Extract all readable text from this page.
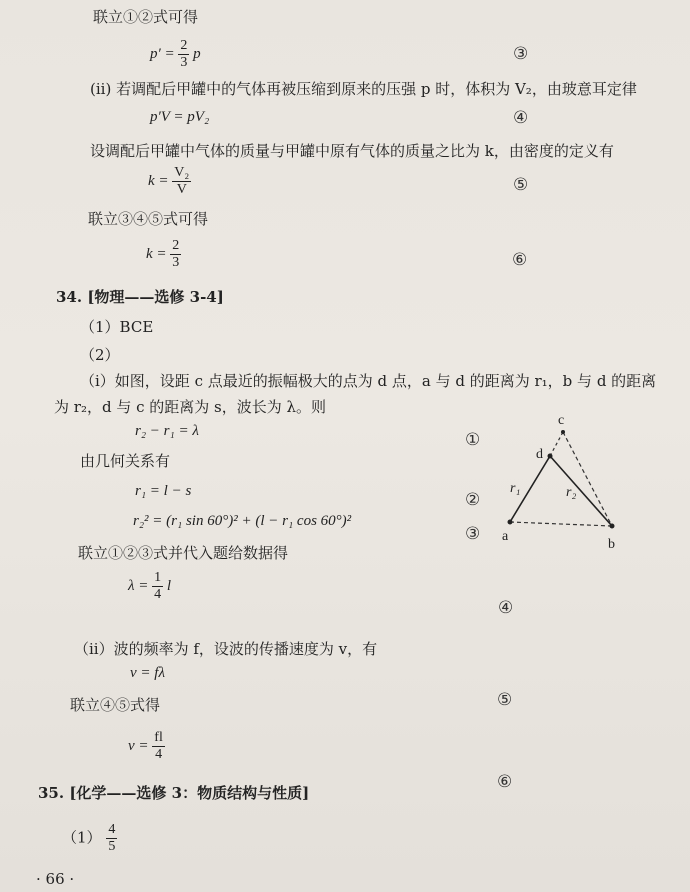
联立①②式可得
$p' = \frac{2}{3}$ p	③
(ii) 若调配后甲罐中的气体再被压缩到原来的压强 p 时，体积为 V₂，由玻意耳定律
p′V = pV₂	④
设调配后甲罐中气体的质量与甲罐中原有气体的质量之比为 k，由密度的定义有
$k = \frac{\text{V₂}}{V}$	⑤
联立③④⑤式可得
$k = \frac{2}{3}$	⑥
34. [物理——选修 3-4]
（1）BCE
（2）
（i）如图，设距 c 点最近的振幅极大的点为 d 点，a 与 d 的距离为 r₁，b 与 d 的距离
为 r₂，d 与 c 的距离为 s，波长为 λ。则
r₂ − r₁ = λ	①
由几何关系有
r₁ = l − s	②
r₂² = (r₁ sin 60°)² + (l − r₁ cos 60°)²
③
联立①②③式并代入题给数据得
$\lambda = \frac{1}{4}$ l
④
（ii）波的频率为 f，设波的传播速度为 v，有
v = fλ
⑤
联立④⑤式得
$v = \frac{fl}{4}$
⑥
35. [化学——选修 3：物质结构与性质]
$(1) \frac{4}{5}$
· 66 ·
a
b
c
d
r₁	r₂
